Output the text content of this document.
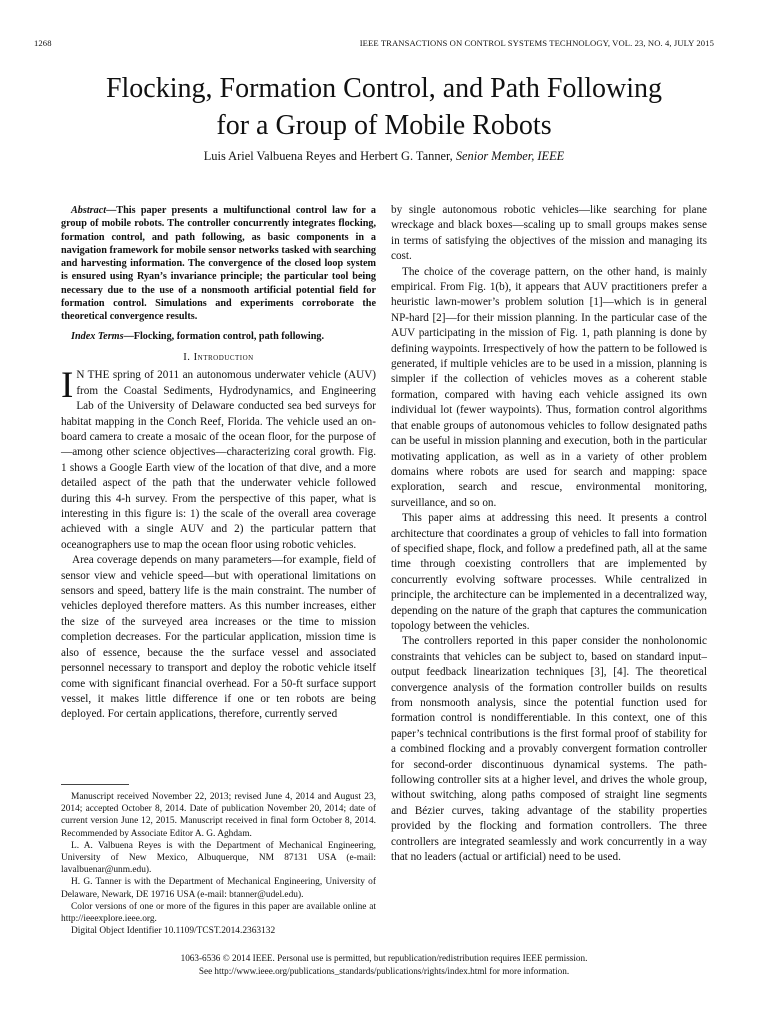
1268	IEEE TRANSACTIONS ON CONTROL SYSTEMS TECHNOLOGY, VOL. 23, NO. 4, JULY 2015
Flocking, Formation Control, and Path Following
for a Group of Mobile Robots
Luis Ariel Valbuena Reyes and Herbert G. Tanner, Senior Member, IEEE

Abstract—This paper presents a multifunctional control law for a group of mobile robots. The controller concurrently integrates flocking, formation control, and path following, as basic components in a navigation framework for mobile sensor networks tasked with searching and harvesting information. The convergence of the closed loop system is ensured using Ryan’s invariance principle; the particular tool being necessary due to the use of a nonsmooth artificial potential field for formation control. Simulations and experiments corroborate the theoretical convergence results.

Index Terms—Flocking, formation control, path following.

I. Introduction

I N THE spring of 2011 an autonomous underwater vehicle (AUV) from the Coastal Sediments, Hydrodynamics, and Engineering Lab of the University of Delaware conducted sea bed surveys for habitat mapping in the Conch Reef, Florida. The vehicle used an on-board camera to create a mosaic of the ocean floor, for the purpose of—among other science objectives—characterizing coral growth. Fig. 1 shows a Google Earth view of the location of that dive, and a more detailed aspect of the path that the underwater vehicle followed during this 4-h survey. From the perspective of this paper, what is interesting in this figure is: 1) the scale of the overall area coverage achieved with a single AUV and 2) the particular pattern that oceanographers use to map the ocean floor using robotic vehicles.

Area coverage depends on many parameters—for example, field of sensor view and vehicle speed—but with operational limitations on sensors and speed, battery life is the main constraint. The number of vehicles deployed therefore matters. As this number increases, either the size of the surveyed area increases or the time to mission completion decreases. For the particular application, mission time is also of essence, because the the surface vessel and associated personnel necessary to transport and deploy the robotic vehicle itself come with significant financial overhead. For a 50-ft surface support vessel, it makes little difference if one or ten robots are being deployed. For certain applications, therefore, currently served

Manuscript received November 22, 2013; revised June 4, 2014 and August 23, 2014; accepted October 8, 2014. Date of publication November 20, 2014; date of current version June 12, 2015. Manuscript received in final form October 8, 2014. Recommended by Associate Editor A. G. Aghdam.

L. A. Valbuena Reyes is with the Department of Mechanical Engineering, University of New Mexico, Albuquerque, NM 87131 USA (e-mail: lavalbuenar@unm.edu).

H. G. Tanner is with the Department of Mechanical Engineering, University of Delaware, Newark, DE 19716 USA (e-mail: btanner@udel.edu).

Color versions of one or more of the figures in this paper are available online at http://ieeexplore.ieee.org.

Digital Object Identifier 10.1109/TCST.2014.2363132

by single autonomous robotic vehicles—like searching for plane wreckage and black boxes—scaling up to small groups makes sense in terms of satisfying the objectives of the mission and managing its cost.

The choice of the coverage pattern, on the other hand, is mainly empirical. From Fig. 1(b), it appears that AUV practitioners prefer a heuristic lawn-mower’s problem solution [1]—which is in general NP-hard [2]—for their mission planning. In the particular case of the AUV participating in the mission of Fig. 1, path planning is done by defining waypoints. Irrespectively of how the pattern to be followed is generated, if multiple vehicles are to be used in a mission, planning is simpler if the collection of vehicles moves as a coherent stable formation, compared with having each vehicle assigned its own individual lot (fewer waypoints). Thus, formation control algorithms that enable groups of autonomous vehicles to follow designated paths can be useful in mission planning and execution, both in the particular motivating application, as well as in a variety of other problem domains where robots are used for search and mapping: space exploration, search and rescue, environmental monitoring, surveillance, and so on.

This paper aims at addressing this need. It presents a control architecture that coordinates a group of vehicles to fall into formation of specified shape, flock, and follow a predefined path, all at the same time through coexisting controllers that are implemented by concurrently evolving software processes. While centralized in principle, the architecture can be implemented in a decentralized way, depending on the nature of the graph that captures the communication topology between the vehicles.

The controllers reported in this paper consider the nonholonomic constraints that vehicles can be subject to, based on standard input–output feedback linearization techniques [3], [4]. The theoretical convergence analysis of the formation controller builds on results from nonsmooth analysis, since the potential function used for formation control is nondifferentiable. In this context, one of this paper’s technical contributions is the first formal proof of stability for a combined flocking and a provably convergent formation controller for second-order discontinuous dynamical systems. The path-following controller sits at a higher level, and drives the whole group, without switching, along paths composed of straight line segments and Bézier curves, taking advantage of the stability properties provided by the flocking and formation controllers. The three controllers are integrated seamlessly and work concurrently in a way that no leaders (actual or artificial) need to be used.

1063-6536 © 2014 IEEE. Personal use is permitted, but republication/redistribution requires IEEE permission.
See http://www.ieee.org/publications_standards/publications/rights/index.html for more information.
